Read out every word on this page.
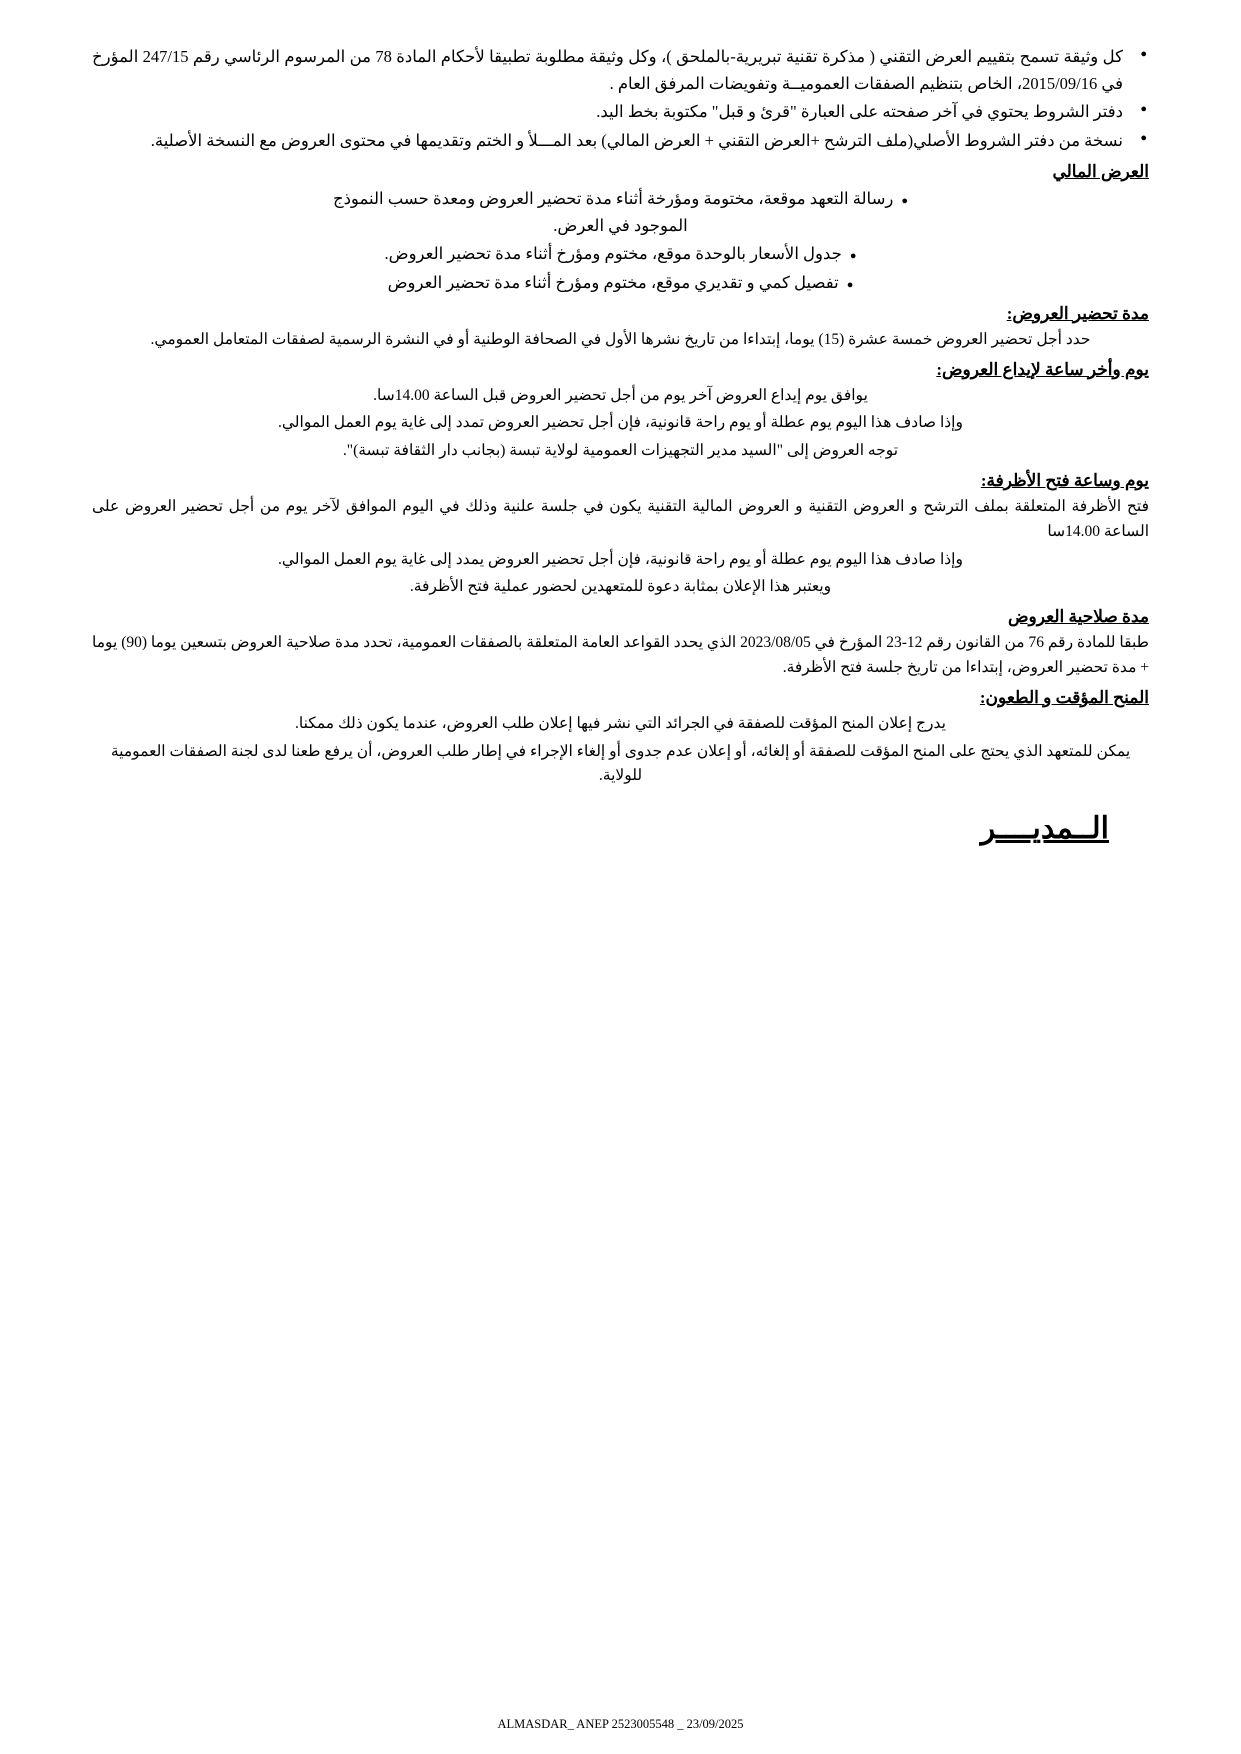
● كل وثيقة تسمح بتقييم العرض التقني ( مذكرة تقنية تبريرية-بالملحق )، وكل وثيقة مطلوبة تطبيقا لأحكام المادة 78 من المرسوم الرئاسي رقم 247/15 المؤرخ في 2015/09/16، الخاص بتنظيم الصفقات العموميــة وتفويضات المرفق العام .
● دفتر الشروط يحتوي في آخر صفحته على العبارة "قرئ و قبل" مكتوبة بخط اليد.
● نسخة من دفتر الشروط الأصلي(ملف الترشح +العرض التقني + العرض المالي) بعد المـــلأ و الختم وتقديمها في محتوى العروض مع النسخة الأصلية.
العرض المالي
● رسالة التعهد موقعة، مختومة ومؤرخة أثناء مدة تحضير العروض ومعدة حسب النموذج الموجود في العرض.
● جدول الأسعار بالوحدة موقع، مختوم ومؤرخ أثناء مدة تحضير العروض.
● تفصيل كمي و تقديري موقع، مختوم ومؤرخ أثناء مدة تحضير العروض
مدة تحضير العروض:

حدد أجل تحضير العروض خمسة عشرة (15) يوما، إبتداءا من تاريخ نشرها الأول في الصحافة الوطنية أو في النشرة الرسمية لصفقات المتعامل العمومي.

يوم وأخر ساعة لإيداع العروض:

يوافق يوم إيداع العروض آخر يوم من أجل تحضير العروض قبل الساعة 14.00سا.

وإذا صادف هذا اليوم يوم عطلة أو يوم راحة قانونية، فإن أجل تحضير العروض تمدد إلى غاية يوم العمل الموالي.

توجه العروض إلى "السيد مدير التجهيزات العمومية لولاية تبسة (بجانب دار الثقافة تبسة)".

يوم وساعة فتح الأظرفة:

فتح الأظرفة المتعلقة بملف الترشح و العروض التقنية و العروض المالية التقنية يكون في جلسة علنية وذلك في اليوم الموافق لآخر يوم من أجل تحضير العروض على الساعة 14.00سا

وإذا صادف هذا اليوم يوم عطلة أو يوم راحة قانونية، فإن أجل تحضير العروض يمدد إلى غاية يوم العمل الموالي.

ويعتبر هذا الإعلان بمثابة دعوة للمتعهدين لحضور عملية فتح الأظرفة.

مدة صلاحية العروض

طبقا للمادة رقم 76 من القانون رقم 12-23 المؤرخ في 2023/08/05 الذي يحدد القواعد العامة المتعلقة بالصفقات العمومية، تحدد مدة صلاحية العروض بتسعين يوما (90) يوما + مدة تحضير العروض، إبتداءا من تاريخ جلسة فتح الأظرفة.

المنح المؤقت و الطعون:

يدرج إعلان المنح المؤقت للصفقة في الجرائد التي نشر فيها إعلان طلب العروض، عندما يكون ذلك ممكنا.

يمكن للمتعهد الذي يحتج على المنح المؤقت للصفقة أو إلغائه، أو إعلان عدم جدوى أو إلغاء الإجراء في إطار طلب العروض، أن يرفع طعنا لدى لجنة الصفقات العمومية للولاية.

الــمديــــر
ALMASDAR_ ANEP 2523005548 _ 23/09/2025
